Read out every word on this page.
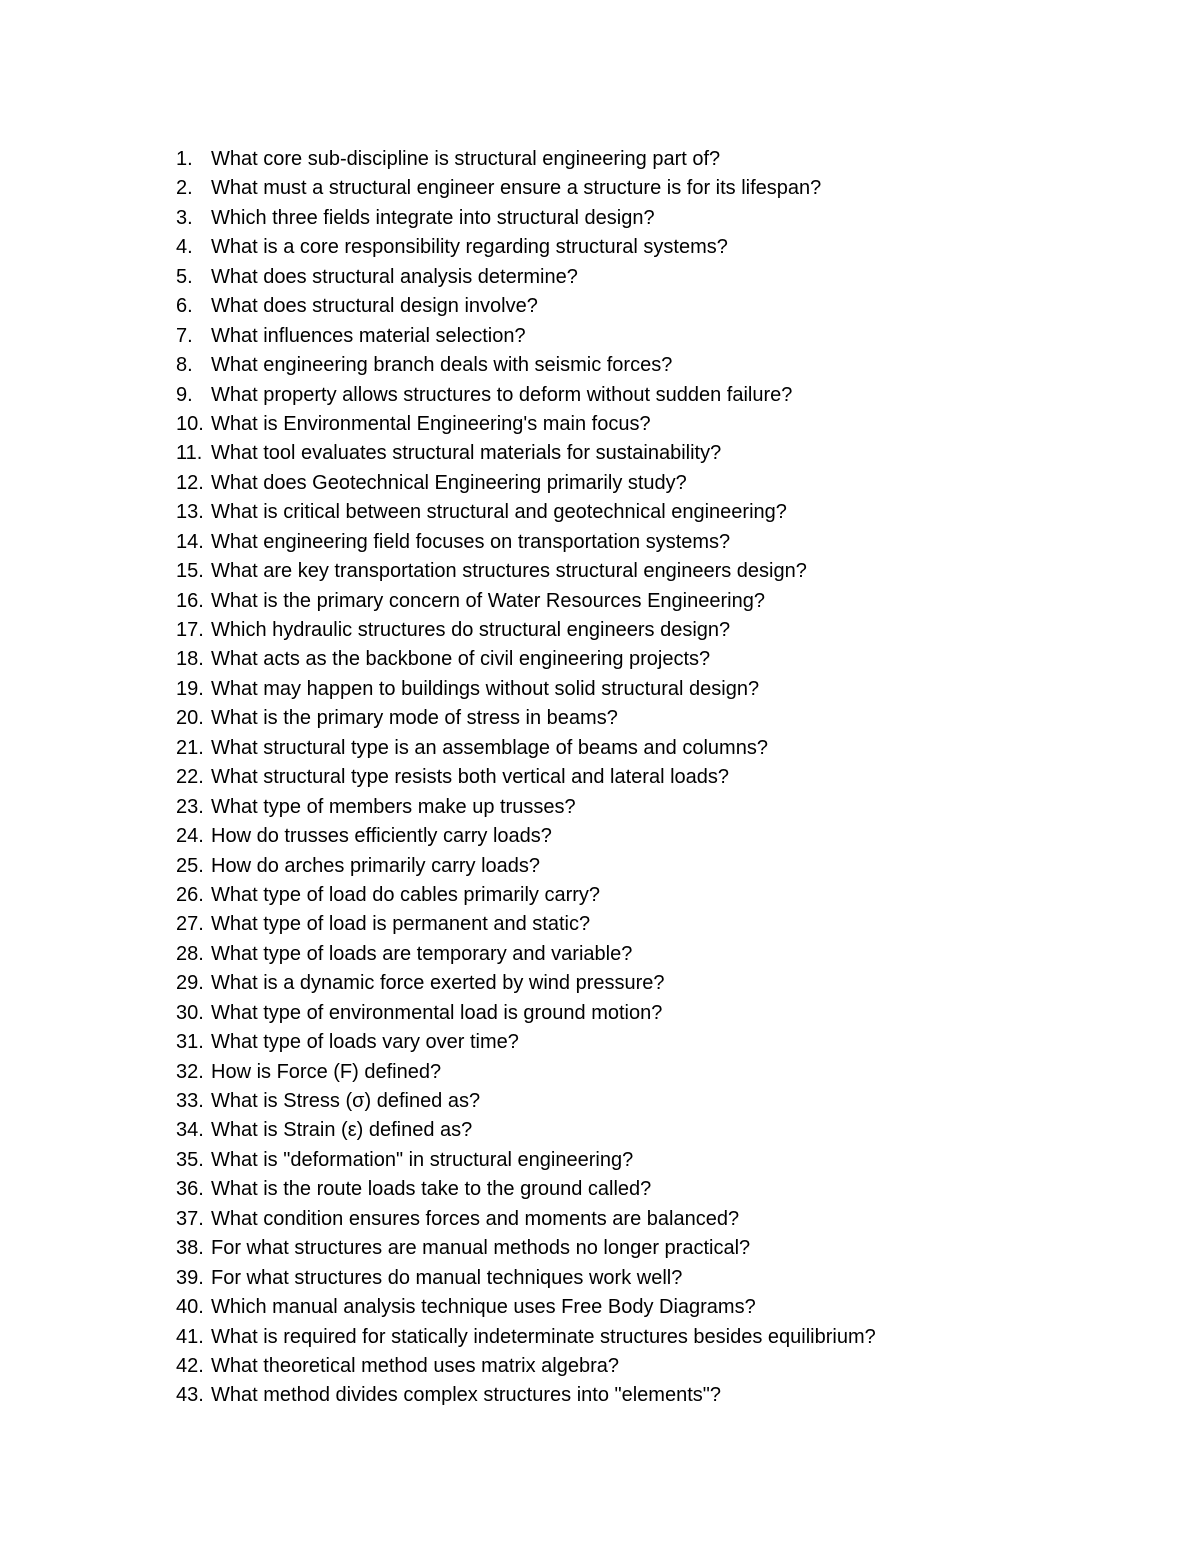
1. What core sub-discipline is structural engineering part of?
2. What must a structural engineer ensure a structure is for its lifespan?
3. Which three fields integrate into structural design?
4. What is a core responsibility regarding structural systems?
5. What does structural analysis determine?
6. What does structural design involve?
7. What influences material selection?
8. What engineering branch deals with seismic forces?
9. What property allows structures to deform without sudden failure?
10. What is Environmental Engineering's main focus?
11. What tool evaluates structural materials for sustainability?
12. What does Geotechnical Engineering primarily study?
13. What is critical between structural and geotechnical engineering?
14. What engineering field focuses on transportation systems?
15. What are key transportation structures structural engineers design?
16. What is the primary concern of Water Resources Engineering?
17. Which hydraulic structures do structural engineers design?
18. What acts as the backbone of civil engineering projects?
19. What may happen to buildings without solid structural design?
20. What is the primary mode of stress in beams?
21. What structural type is an assemblage of beams and columns?
22. What structural type resists both vertical and lateral loads?
23. What type of members make up trusses?
24. How do trusses efficiently carry loads?
25. How do arches primarily carry loads?
26. What type of load do cables primarily carry?
27. What type of load is permanent and static?
28. What type of loads are temporary and variable?
29. What is a dynamic force exerted by wind pressure?
30. What type of environmental load is ground motion?
31. What type of loads vary over time?
32. How is Force (F) defined?
33. What is Stress (σ) defined as?
34. What is Strain (ε) defined as?
35. What is "deformation" in structural engineering?
36. What is the route loads take to the ground called?
37. What condition ensures forces and moments are balanced?
38. For what structures are manual methods no longer practical?
39. For what structures do manual techniques work well?
40. Which manual analysis technique uses Free Body Diagrams?
41. What is required for statically indeterminate structures besides equilibrium?
42. What theoretical method uses matrix algebra?
43. What method divides complex structures into "elements"?
